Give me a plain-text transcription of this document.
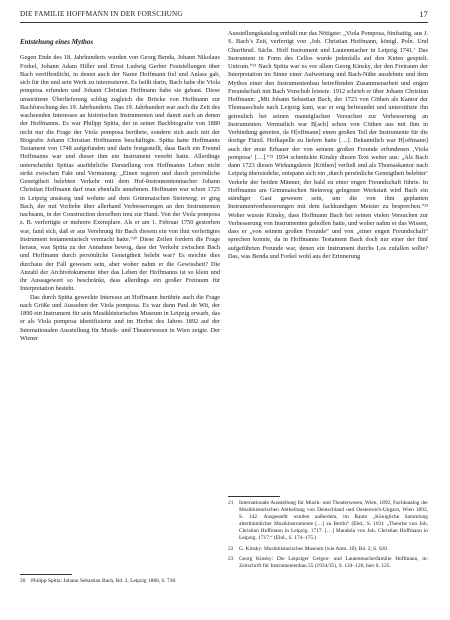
DIE FAMILIE HOFFMANN IN DER FORSCHUNG	17
Entstehung eines Mythos

Gegen Ende des 18. Jahrhunderts wurden von Georg Benda, Johann Nikolaus Forkel, Johann Adam Hiller und Ernst Ludwig Gerber Feststellungen über Bach veröffentlicht, in denen auch der Name Hoffmann fiel und Anlass gab, sich für ihn und sein Werk zu interessieren. Es heißt darin, Bach habe die Viola pomposa erfunden und Johann Christian Hoffmann habe sie gebaut. Diese umstrittene Überlieferung schlug zugleich die Brücke von Hoffmann zur Bachforschung des 19. Jahrhunderts. Das 19. Jahrhundert war auch die Zeit des wachsenden Interesses an historischen Instrumenten und damit auch an denen der Hoffmanns. Es war Philipp Spitta, der in seiner Bachbiografie von 1880 nicht nur die Frage der Viola pomposa berührte, sondern sich auch mit der Biografie Johann Christian Hoffmanns beschäftigte. Spitta hatte Hoffmanns Testament von 1748 aufgefunden und darin festgestellt, dass Bach ein Freund Hoffmanns war und dieser ihm ein Instrument vererbt hatte. Allerdings unterscheidet Spittas ausführliche Darstellung von Hoffmanns Leben nicht strikt zwischen Fakt und Vermutung: „Einen regeren und durch persönliche Geneigtheit belebten Verkehr mit dem Hof-Instrumentenmacher Johann Christian Hoffmann darf man ebenfalls annehmen. Hoffmann war schon 1725 in Leipzig ansässig und wohnte auf dem Grimmaischen Steinweg; er ging Bach, der mit Vorliebe über allerhand Verbesserungen an den Instrumenten nachsann, in der Construction derselben treu zur Hand. Von der Viola pomposa z. B. verfertigte er mehrere Exemplare. Als er am 1. Februar 1750 gestorben war, fand sich, daß er aus Verehrung für Bach diesem ein von ihm verfertigtes Instrument testamentarisch vermacht hatte.“²⁰ Diese Zeilen fordern die Frage heraus, was Spitta zu der Annahme bewog, dass der Verkehr zwischen Bach und Hoffmann durch persönliche Geneigtheit belebt war? Es mochte dies durchaus der Fall gewesen sein, aber woher nahm er die Gewissheit? Die Anzahl der Archivdokumente über das Leben der Hoffmanns ist so klein und ihr Aussagewert so beschränkt, dass allerdings ein großer Freiraum für Interpretation besteht.

Das durch Spitta geweckte Interesse an Hoffmann berührte auch die Frage nach Größe und Aussehen der Viola pomposa. Es war dann Paul de Wit, der 1890 ein Instrument für sein Musikhistorisches Museum in Leipzig erwarb, das er als Viola pomposa identifizierte und im Herbst des Jahres 1892 auf der Internationalen Ausstellung für Musik- und Theaterwesen in Wien zeigte. Der Wiener

Ausstellungskatalog enthält nur das Nötigste: „Viola Pomposa, fünfsaitig, aus J. S. Bach’s Zeit, verfertigt von ‚Joh. Christian Hoffmann, königl. Poln. Und Churfürstl. Sächs. Hoff Instrument und Lautenmacher in Leipzig 1741.‘ Das Instrument in Form des Cellos wurde jedenfalls auf den Knien gespielt. Unicum.“²¹ Nach Spitta war es vor allem Georg Kinsky, der den Freiraum der Interpretation im Sinne einer Aufwertung und Bach-Nähe ausdehnte und dem Mythos einer den Instrumentenbau betreffenden Zusammenarbeit und engen Freundschaft mit Bach Vorschub leistete. 1912 schrieb er über Johann Christian Hoffmann: „Mit Johann Sebastian Bach, der 1723 von Cöthen als Kantor der Thomasschule nach Leipzig kam, war er eng befreundet und unterstützte ihn getreulich bei seinen mannigfachen Versuchen zur Verbesserung an Instrumenten. Vermutlich war B[ach] schon von Cöthen aus mit ihm in Verbindung getreten, da H[offmann] einen großen Teil der Instrumente für die dortige Fürstl. Hofkapelle zu liefern hatte […]. Bekanntlich war H[offmann] auch der erste Erbauer der von seinem großen Freunde erfundenen ‚Viola pomposa‘ […].“²² 1934 schmückte Kinsky diesen Text weiter aus: „Als Bach dann 1723 diesen Wirkungskreis [Köthen] verließ und als Thomaskantor nach Leipzig übersiedelte, entspann sich ein ‚durch persönliche Geneigtheit belebter‘ Verkehr der beiden Männer, der bald zu einer engen Freundschaft führte. In Hoffmanns am Grimmaischen Steinweg gelegener Werkstatt wird Bach ein ständiger Gast gewesen sein, um die von ihm geplanten Instrumentverbesserungen mit dem fachkundigen Meister zu besprechen.“²³ Woher wusste Kinsky, dass Hoffmann Bach bei seinen vielen Versuchen zur Verbesserung von Instrumenten geholfen hatte, und woher nahm er das Wissen, dass er „von seinem großen Freunde“ und von „einer engen Freundschaft“ sprechen konnte, da in Hoffmanns Testament Bach doch nur einer der fünf aufgeführten Freunde war, denen ein Instrument durchs Los zufallen sollte? Das, was Benda und Forkel wohl aus der Erinnerung

20	Philipp Spitta: Johann Sebastian Bach, Bd. 2, Leipzig 1880, S. 730.
21	Internationale Ausstellung für Musik- und Theaterwesen, Wien, 1892, Fachkatalog der Musikhistorischen Abtheilung von Deutschland und Oesterreich-Ungarn, Wien 1892, S. 142. Ausgestellt wurden außerdem, im Raum „Königliche Sammlung alterthümlicher Musikinstrumente […] zu Berlin“ (Ebd., S. 163): „Theorbe von Joh. Christian Hoffmann in Leipzig. 1717. […] Mandola von Joh. Christian Hoffmann in Leipzig. 1717.“ (Ebd., S. 174–175.)
22	G. Kinsky: Musikhistorisches Museum (wie Anm. 10), Bd. 2, S. 620.
23	Georg Kinsky: Die Leipziger Geigen- und Lautenmacherfamilie Hoffmann, in: Zeitschrift für Instrumentenbau 55 (1934/35), S. 124–126, hier S. 125.
